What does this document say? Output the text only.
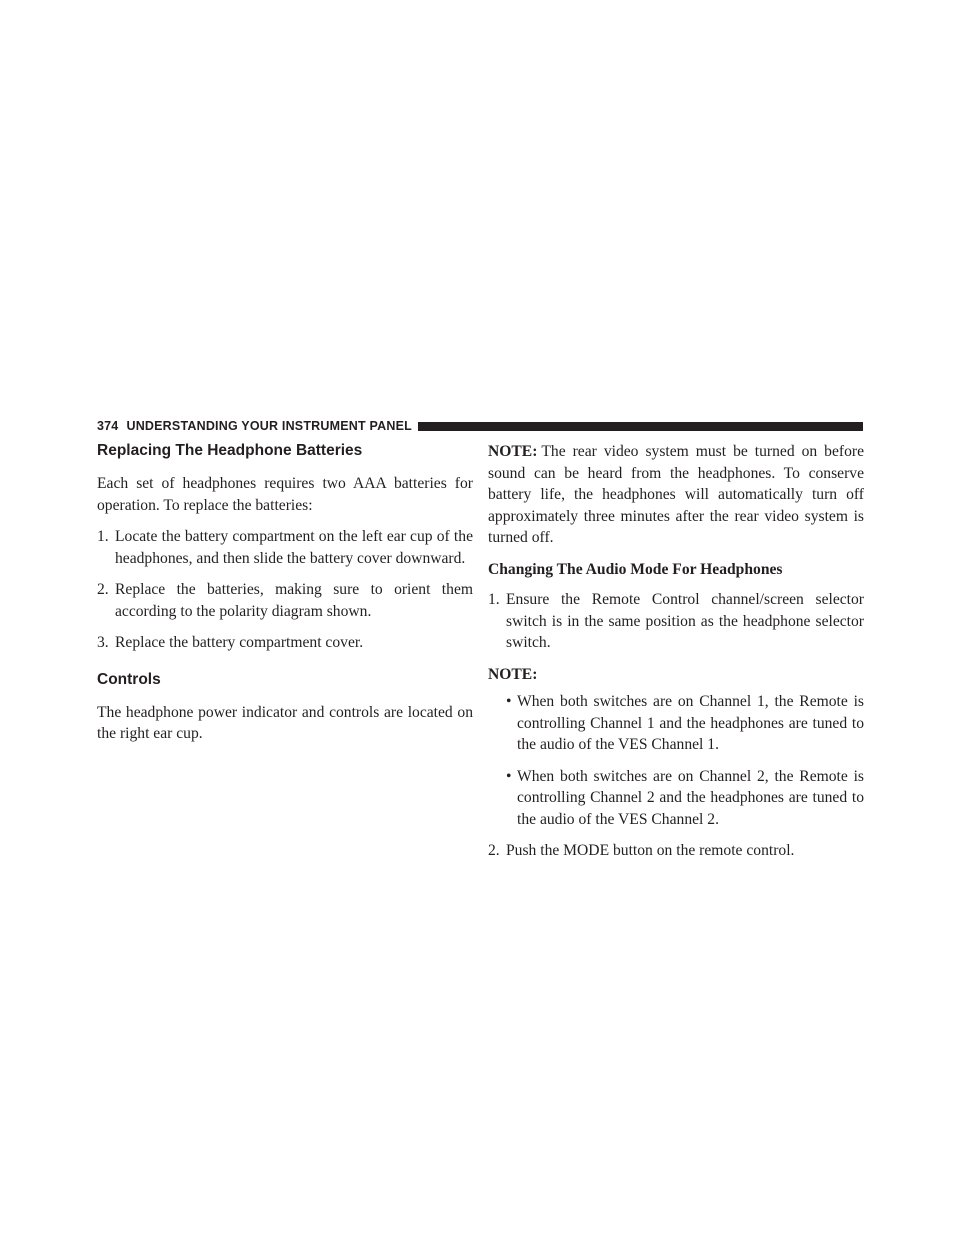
374 UNDERSTANDING YOUR INSTRUMENT PANEL
Replacing The Headphone Batteries

Each set of headphones requires two AAA batteries for operation. To replace the batteries:

1. Locate the battery compartment on the left ear cup of the headphones, and then slide the battery cover downward.
2. Replace the batteries, making sure to orient them according to the polarity diagram shown.
3. Replace the battery compartment cover.
Controls

The headphone power indicator and controls are located on the right ear cup.

NOTE: The rear video system must be turned on before sound can be heard from the headphones. To conserve battery life, the headphones will automatically turn off approximately three minutes after the rear video system is turned off.

Changing The Audio Mode For Headphones
1. Ensure the Remote Control channel/screen selector switch is in the same position as the headphone selector switch.
NOTE:
• When both switches are on Channel 1, the Remote is controlling Channel 1 and the headphones are tuned to the audio of the VES Channel 1.
• When both switches are on Channel 2, the Remote is controlling Channel 2 and the headphones are tuned to the audio of the VES Channel 2.
2. Push the MODE button on the remote control.
